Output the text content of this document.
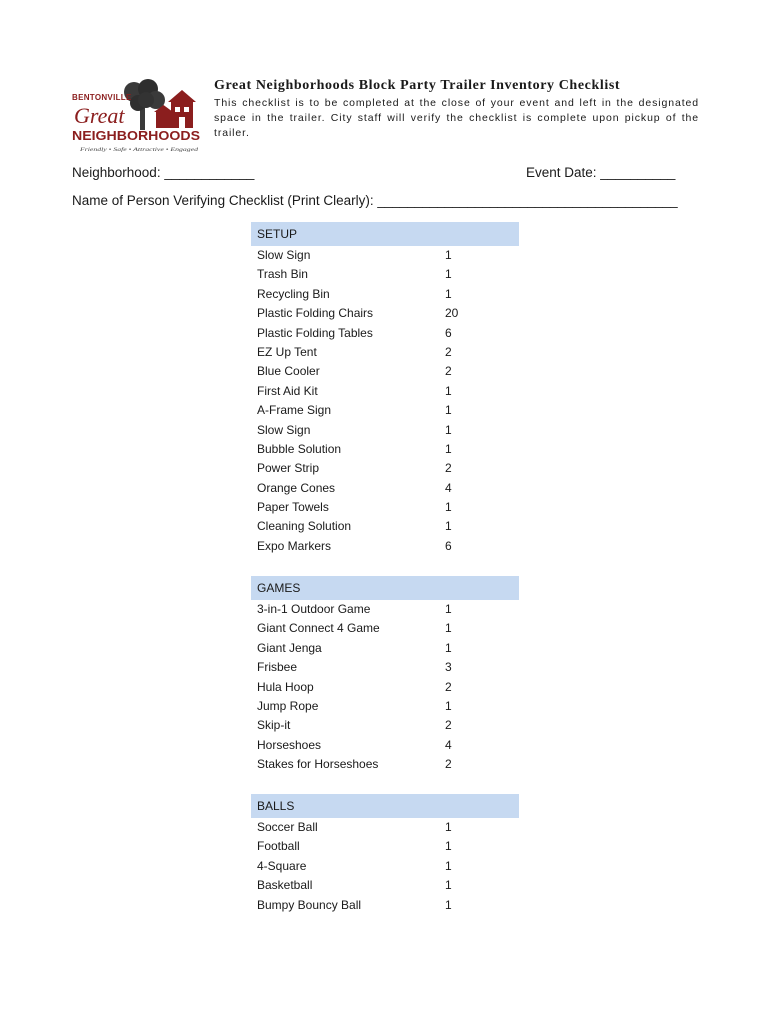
BENTONVILLE
Great
NEIGHBORHOODS
Friendly • Safe • Attractive • Engaged
Great Neighborhoods Block Party Trailer Inventory Checklist
This checklist is to be completed at the close of your event and left in the designated space in the trailer. City staff will verify the checklist is complete upon pickup of the trailer.
Neighborhood: ____________	Event Date: __________
Name of Person Verifying Checklist (Print Clearly): ________________________________________
SETUP
Slow Sign	1
Trash Bin	1
Recycling Bin	1
Plastic Folding Chairs	20
Plastic Folding Tables	6
EZ Up Tent	2
Blue Cooler	2
First Aid Kit	1
A-Frame Sign	1
Slow Sign	1
Bubble Solution	1
Power Strip	2
Orange Cones	4
Paper Towels	1
Cleaning Solution	1
Expo Markers	6
GAMES
3-in-1 Outdoor Game	1
Giant Connect 4 Game	1
Giant Jenga	1
Frisbee	3
Hula Hoop	2
Jump Rope	1
Skip-it	2
Horseshoes	4
Stakes for Horseshoes	2
BALLS
Soccer Ball	1
Football	1
4-Square	1
Basketball	1
Bumpy Bouncy Ball	1
